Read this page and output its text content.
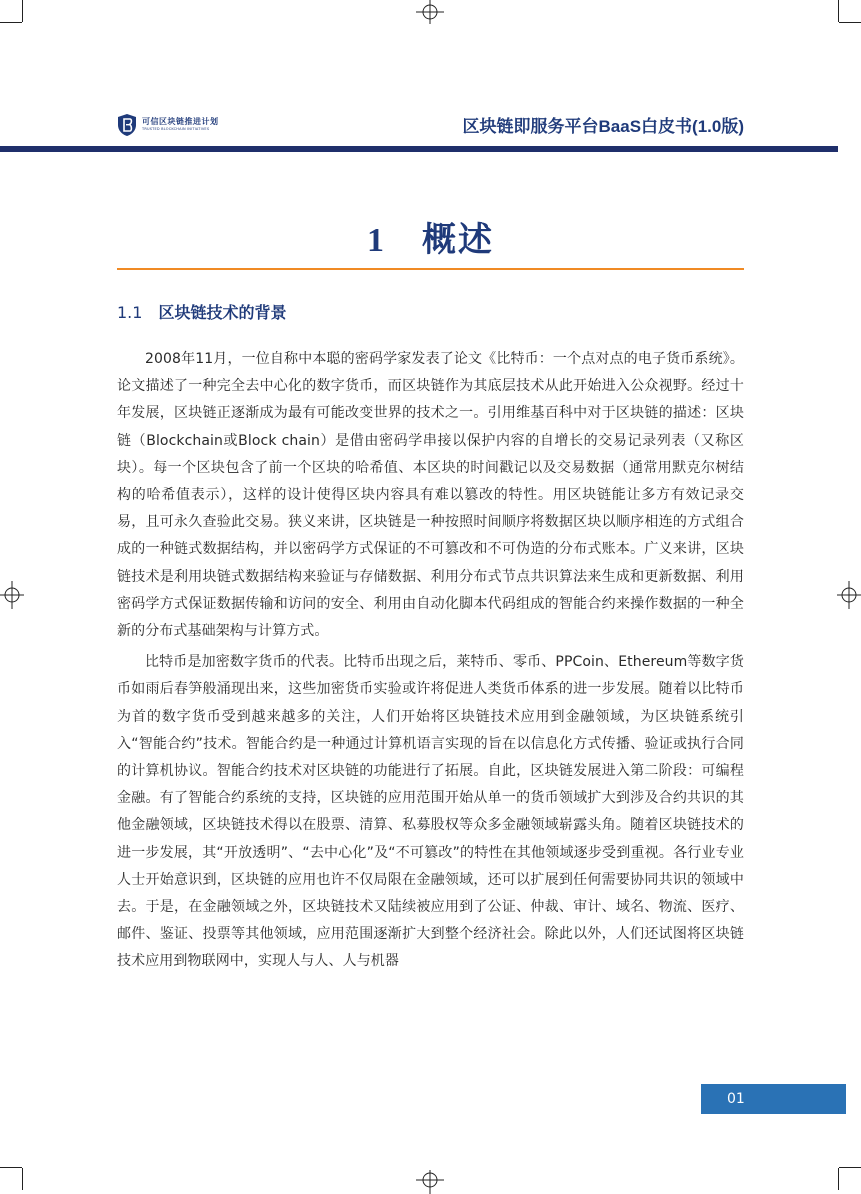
可信区块链推进计划
TRUSTED BLOCKCHAIN INITIATIVES	区块链即服务平台BaaS白皮书(1.0版)
1　概述
1.1 区块链技术的背景

2008年11月，一位自称中本聪的密码学家发表了论文《比特币：一个点对点的电子货币系统》。论文描述了一种完全去中心化的数字货币，而区块链作为其底层技术从此开始进入公众视野。经过十年发展，区块链正逐渐成为最有可能改变世界的技术之一。引用维基百科中对于区块链的描述：区块链（Blockchain或Block chain）是借由密码学串接以保护内容的自增长的交易记录列表（又称区块）。每一个区块包含了前一个区块的哈希值、本区块的时间戳记以及交易数据（通常用默克尔树结构的哈希值表示），这样的设计使得区块内容具有难以篡改的特性。用区块链能让多方有效记录交易，且可永久查验此交易。狭义来讲，区块链是一种按照时间顺序将数据区块以顺序相连的方式组合成的一种链式数据结构，并以密码学方式保证的不可篡改和不可伪造的分布式账本。广义来讲，区块链技术是利用块链式数据结构来验证与存储数据、利用分布式节点共识算法来生成和更新数据、利用密码学方式保证数据传输和访问的安全、利用由自动化脚本代码组成的智能合约来操作数据的一种全新的分布式基础架构与计算方式。

比特币是加密数字货币的代表。比特币出现之后，莱特币、零币、PPCoin、Ethereum等数字货币如雨后春笋般涌现出来，这些加密货币实验或许将促进人类货币体系的进一步发展。随着以比特币为首的数字货币受到越来越多的关注，人们开始将区块链技术应用到金融领域，为区块链系统引入“智能合约”技术。智能合约是一种通过计算机语言实现的旨在以信息化方式传播、验证或执行合同的计算机协议。智能合约技术对区块链的功能进行了拓展。自此，区块链发展进入第二阶段：可编程金融。有了智能合约系统的支持，区块链的应用范围开始从单一的货币领域扩大到涉及合约共识的其他金融领域，区块链技术得以在股票、清算、私募股权等众多金融领域崭露头角。随着区块链技术的进一步发展，其“开放透明”、“去中心化”及“不可篡改”的特性在其他领域逐步受到重视。各行业专业人士开始意识到，区块链的应用也许不仅局限在金融领域，还可以扩展到任何需要协同共识的领域中去。于是，在金融领域之外，区块链技术又陆续被应用到了公证、仲裁、审计、域名、物流、医疗、邮件、鉴证、投票等其他领域，应用范围逐渐扩大到整个经济社会。除此以外，人们还试图将区块链技术应用到物联网中，实现人与人、人与机器

01
